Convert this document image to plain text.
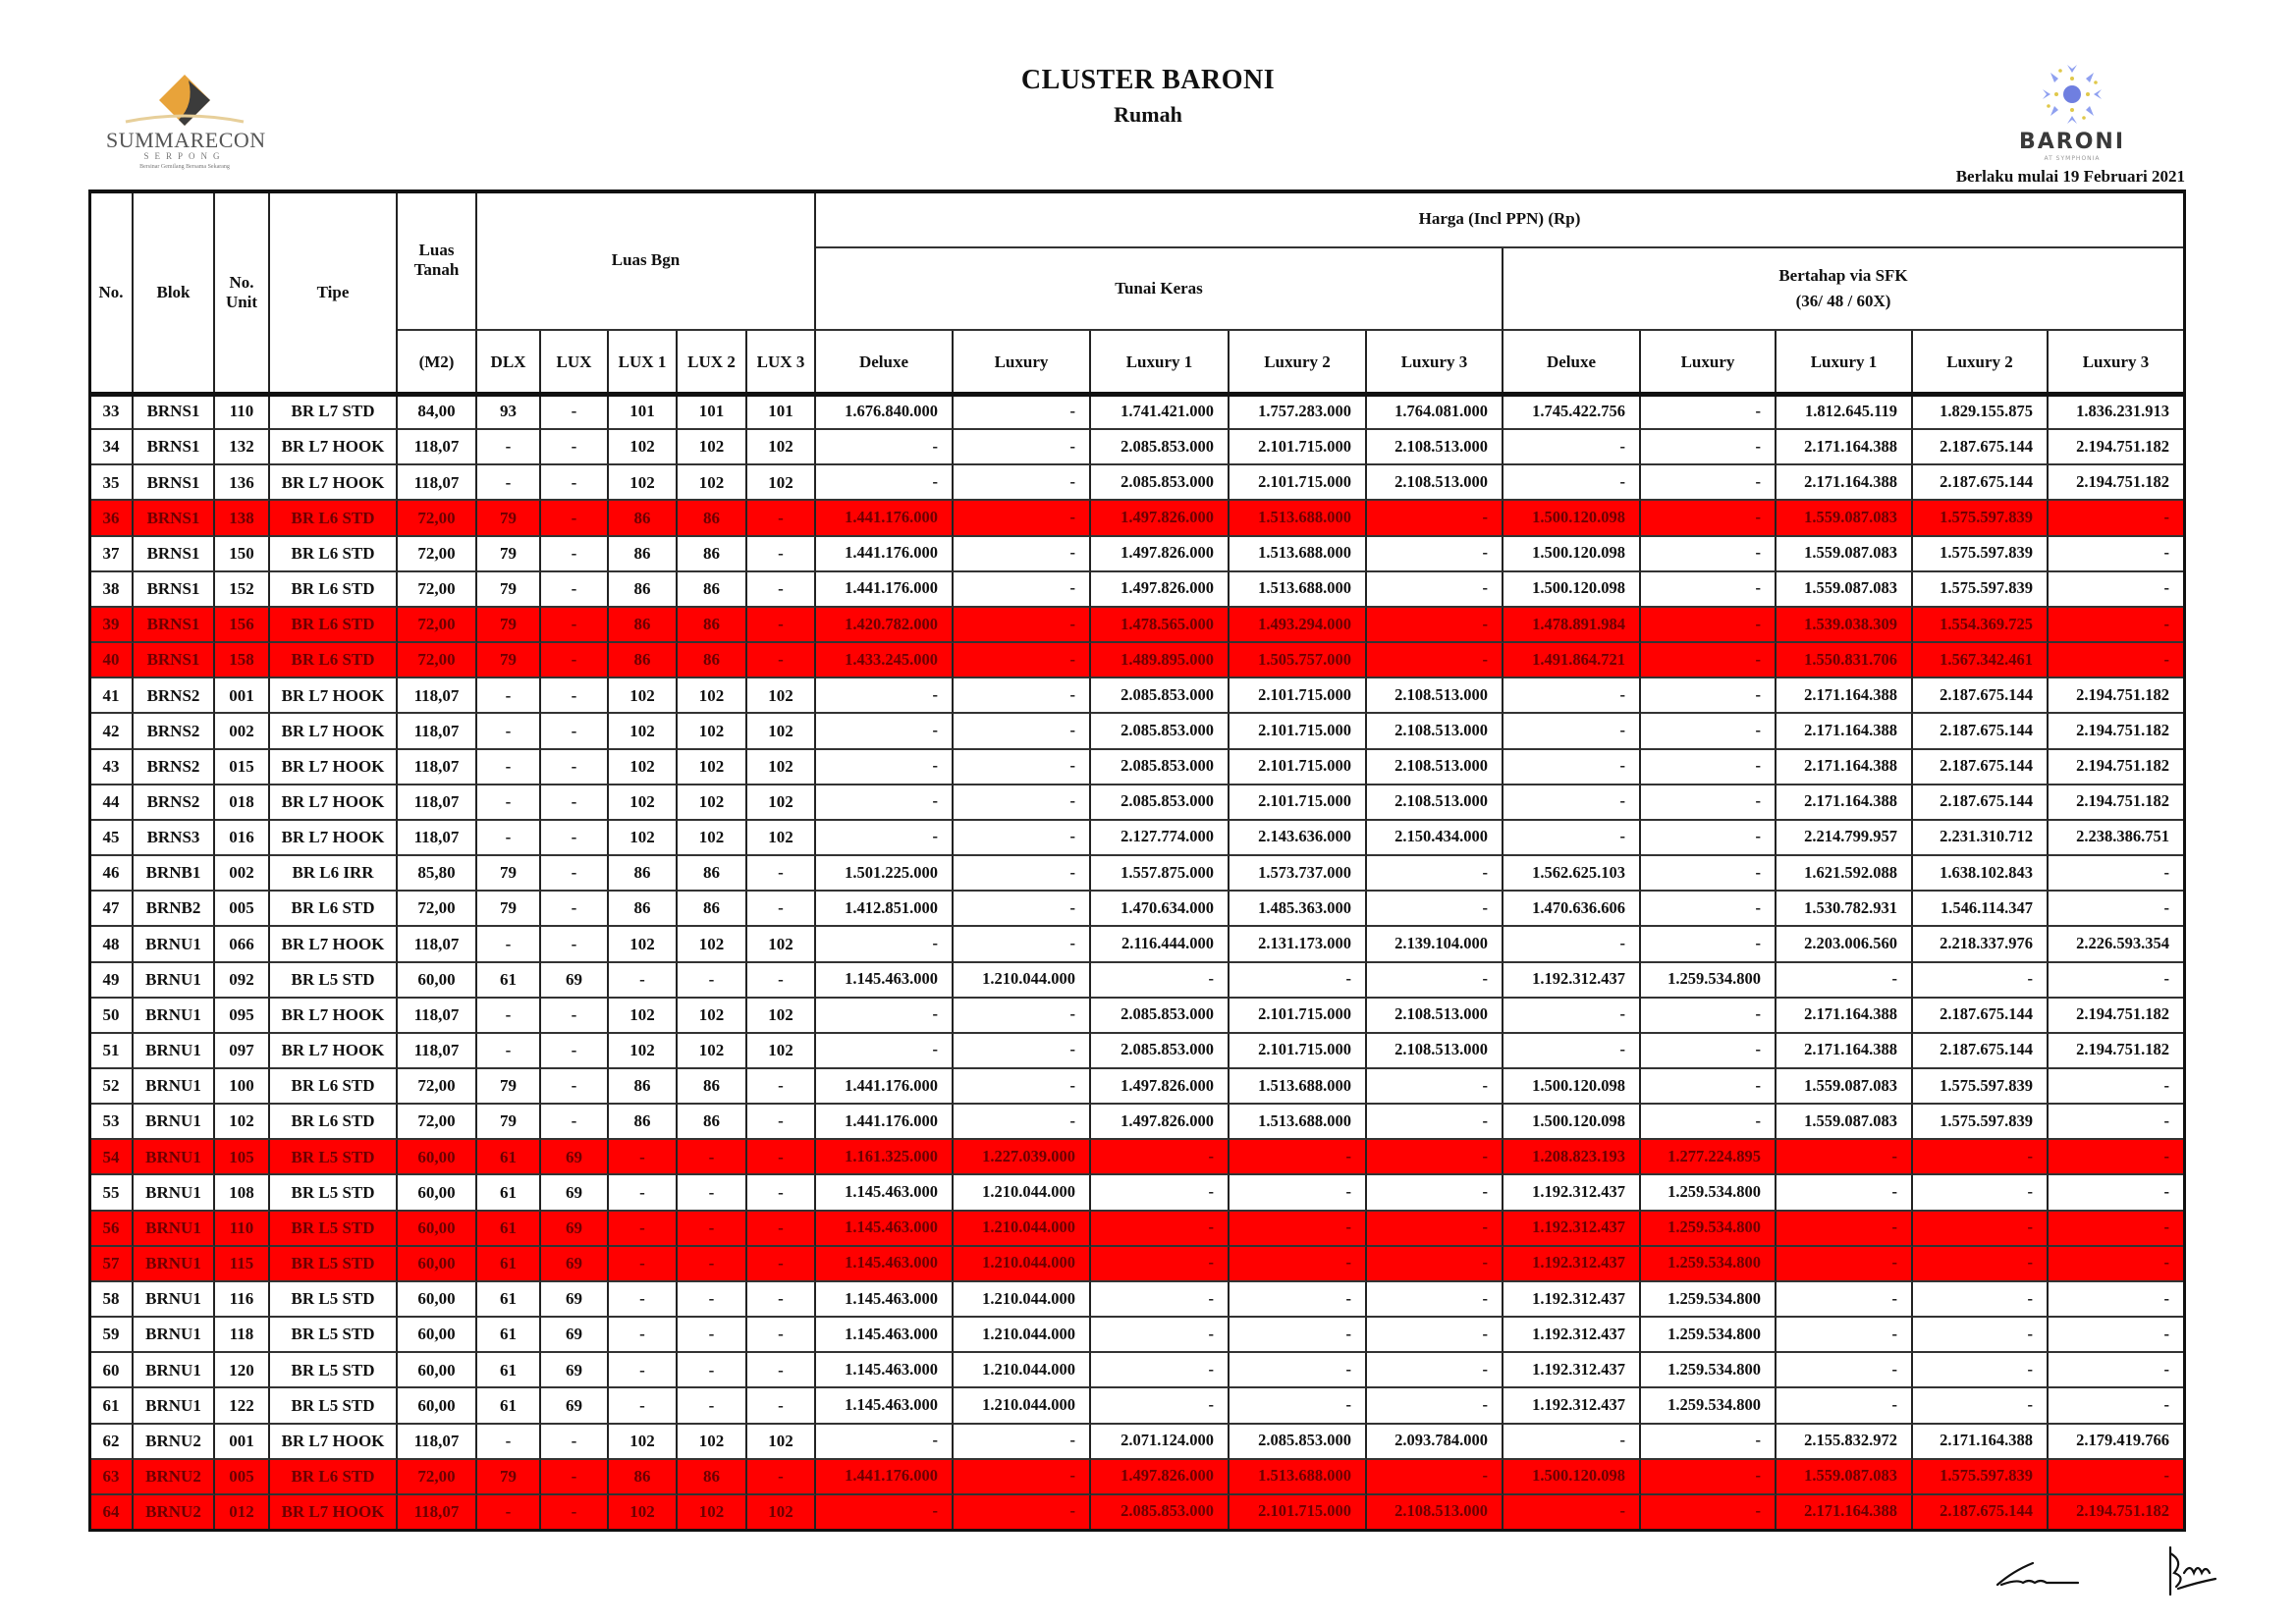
SUMMARECON
SERPONG
Bersinar Gemilang Bersama Sekarang
CLUSTER BARONI
Rumah
BARONI
AT SYMPHONIA
Berlaku mulai 19 Februari 2021
No.	Blok
No. Unit
Tipe
Luas Tanah
(M2)
Luas Bgn
DLX	LUX	LUX 1	LUX 2	LUX 3
Harga (Incl PPN) (Rp)
Tunai Keras
Bertahap via SFK
(36/ 48 / 60X)
Deluxe	Luxury	Luxury 1	Luxury 2	Luxury 3	Deluxe	Luxury	Luxury 1	Luxury 2	Luxury 3
33	BRNS1	110	BR L7 STD	84,00	93	-	101	101	101	1.676.840.000	-	1.741.421.000	1.757.283.000	1.764.081.000	1.745.422.756	-	1.812.645.119	1.829.155.875	1.836.231.913
34	BRNS1	132	BR L7 HOOK	118,07	-	-	102	102	102	-	-	2.085.853.000	2.101.715.000	2.108.513.000	-	-	2.171.164.388	2.187.675.144	2.194.751.182
35	BRNS1	136	BR L7 HOOK	118,07	-	-	102	102	102	-	-	2.085.853.000	2.101.715.000	2.108.513.000	-	-	2.171.164.388	2.187.675.144	2.194.751.182
36	BRNS1	138	BR L6 STD	72,00	79	-	86	86	-	1.441.176.000	-	1.497.826.000	1.513.688.000	-	1.500.120.098	-	1.559.087.083	1.575.597.839	-
37	BRNS1	150	BR L6 STD	72,00	79	-	86	86	-	1.441.176.000	-	1.497.826.000	1.513.688.000	-	1.500.120.098	-	1.559.087.083	1.575.597.839	-
38	BRNS1	152	BR L6 STD	72,00	79	-	86	86	-	1.441.176.000	-	1.497.826.000	1.513.688.000	-	1.500.120.098	-	1.559.087.083	1.575.597.839	-
39	BRNS1	156	BR L6 STD	72,00	79	-	86	86	-	1.420.782.000	-	1.478.565.000	1.493.294.000	-	1.478.891.984	-	1.539.038.309	1.554.369.725	-
40	BRNS1	158	BR L6 STD	72,00	79	-	86	86	-	1.433.245.000	-	1.489.895.000	1.505.757.000	-	1.491.864.721	-	1.550.831.706	1.567.342.461	-
41	BRNS2	001	BR L7 HOOK	118,07	-	-	102	102	102	-	-	2.085.853.000	2.101.715.000	2.108.513.000	-	-	2.171.164.388	2.187.675.144	2.194.751.182
42	BRNS2	002	BR L7 HOOK	118,07	-	-	102	102	102	-	-	2.085.853.000	2.101.715.000	2.108.513.000	-	-	2.171.164.388	2.187.675.144	2.194.751.182
43	BRNS2	015	BR L7 HOOK	118,07	-	-	102	102	102	-	-	2.085.853.000	2.101.715.000	2.108.513.000	-	-	2.171.164.388	2.187.675.144	2.194.751.182
44	BRNS2	018	BR L7 HOOK	118,07	-	-	102	102	102	-	-	2.085.853.000	2.101.715.000	2.108.513.000	-	-	2.171.164.388	2.187.675.144	2.194.751.182
45	BRNS3	016	BR L7 HOOK	118,07	-	-	102	102	102	-	-	2.127.774.000	2.143.636.000	2.150.434.000	-	-	2.214.799.957	2.231.310.712	2.238.386.751
46	BRNB1	002	BR L6 IRR	85,80	79	-	86	86	-	1.501.225.000	-	1.557.875.000	1.573.737.000	-	1.562.625.103	-	1.621.592.088	1.638.102.843	-
47	BRNB2	005	BR L6 STD	72,00	79	-	86	86	-	1.412.851.000	-	1.470.634.000	1.485.363.000	-	1.470.636.606	-	1.530.782.931	1.546.114.347	-
48	BRNU1	066	BR L7 HOOK	118,07	-	-	102	102	102	-	-	2.116.444.000	2.131.173.000	2.139.104.000	-	-	2.203.006.560	2.218.337.976	2.226.593.354
49	BRNU1	092	BR L5 STD	60,00	61	69	-	-	-	1.145.463.000	1.210.044.000	-	-	-	1.192.312.437	1.259.534.800	-	-	-
50	BRNU1	095	BR L7 HOOK	118,07	-	-	102	102	102	-	-	2.085.853.000	2.101.715.000	2.108.513.000	-	-	2.171.164.388	2.187.675.144	2.194.751.182
51	BRNU1	097	BR L7 HOOK	118,07	-	-	102	102	102	-	-	2.085.853.000	2.101.715.000	2.108.513.000	-	-	2.171.164.388	2.187.675.144	2.194.751.182
52	BRNU1	100	BR L6 STD	72,00	79	-	86	86	-	1.441.176.000	-	1.497.826.000	1.513.688.000	-	1.500.120.098	-	1.559.087.083	1.575.597.839	-
53	BRNU1	102	BR L6 STD	72,00	79	-	86	86	-	1.441.176.000	-	1.497.826.000	1.513.688.000	-	1.500.120.098	-	1.559.087.083	1.575.597.839	-
54	BRNU1	105	BR L5 STD	60,00	61	69	-	-	-	1.161.325.000	1.227.039.000	-	-	-	1.208.823.193	1.277.224.895	-	-	-
55	BRNU1	108	BR L5 STD	60,00	61	69	-	-	-	1.145.463.000	1.210.044.000	-	-	-	1.192.312.437	1.259.534.800	-	-	-
56	BRNU1	110	BR L5 STD	60,00	61	69	-	-	-	1.145.463.000	1.210.044.000	-	-	-	1.192.312.437	1.259.534.800	-	-	-
57	BRNU1	115	BR L5 STD	60,00	61	69	-	-	-	1.145.463.000	1.210.044.000	-	-	-	1.192.312.437	1.259.534.800	-	-	-
58	BRNU1	116	BR L5 STD	60,00	61	69	-	-	-	1.145.463.000	1.210.044.000	-	-	-	1.192.312.437	1.259.534.800	-	-	-
59	BRNU1	118	BR L5 STD	60,00	61	69	-	-	-	1.145.463.000	1.210.044.000	-	-	-	1.192.312.437	1.259.534.800	-	-	-
60	BRNU1	120	BR L5 STD	60,00	61	69	-	-	-	1.145.463.000	1.210.044.000	-	-	-	1.192.312.437	1.259.534.800	-	-	-
61	BRNU1	122	BR L5 STD	60,00	61	69	-	-	-	1.145.463.000	1.210.044.000	-	-	-	1.192.312.437	1.259.534.800	-	-	-
62	BRNU2	001	BR L7 HOOK	118,07	-	-	102	102	102	-	-	2.071.124.000	2.085.853.000	2.093.784.000	-	-	2.155.832.972	2.171.164.388	2.179.419.766
63	BRNU2	005	BR L6 STD	72,00	79	-	86	86	-	1.441.176.000	-	1.497.826.000	1.513.688.000	-	1.500.120.098	-	1.559.087.083	1.575.597.839	-
64	BRNU2	012	BR L7 HOOK	118,07	-	-	102	102	102	-	-	2.085.853.000	2.101.715.000	2.108.513.000	-	-	2.171.164.388	2.187.675.144	2.194.751.182
